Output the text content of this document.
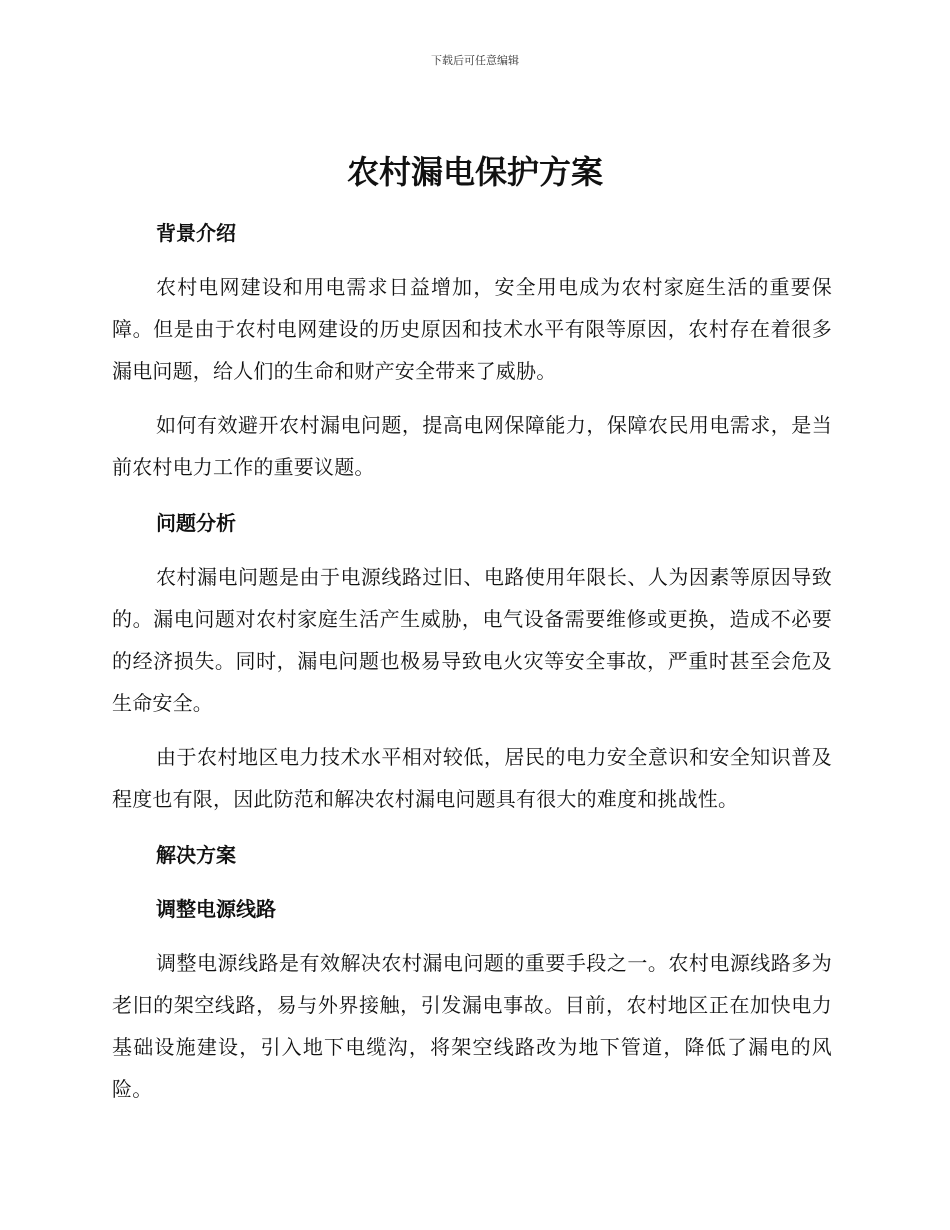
下载后可任意编辑
农村漏电保护方案
背景介绍

农村电网建设和用电需求日益增加，安全用电成为农村家庭生活的重要保障。但是由于农村电网建设的历史原因和技术水平有限等原因，农村存在着很多漏电问题，给人们的生命和财产安全带来了威胁。

如何有效避开农村漏电问题，提高电网保障能力，保障农民用电需求，是当前农村电力工作的重要议题。

问题分析

农村漏电问题是由于电源线路过旧、电路使用年限长、人为因素等原因导致的。漏电问题对农村家庭生活产生威胁，电气设备需要维修或更换，造成不必要的经济损失。同时，漏电问题也极易导致电火灾等安全事故，严重时甚至会危及生命安全。

由于农村地区电力技术水平相对较低，居民的电力安全意识和安全知识普及程度也有限，因此防范和解决农村漏电问题具有很大的难度和挑战性。

解决方案
调整电源线路

调整电源线路是有效解决农村漏电问题的重要手段之一。农村电源线路多为老旧的架空线路，易与外界接触，引发漏电事故。目前，农村地区正在加快电力基础设施建设，引入地下电缆沟，将架空线路改为地下管道，降低了漏电的风险。
